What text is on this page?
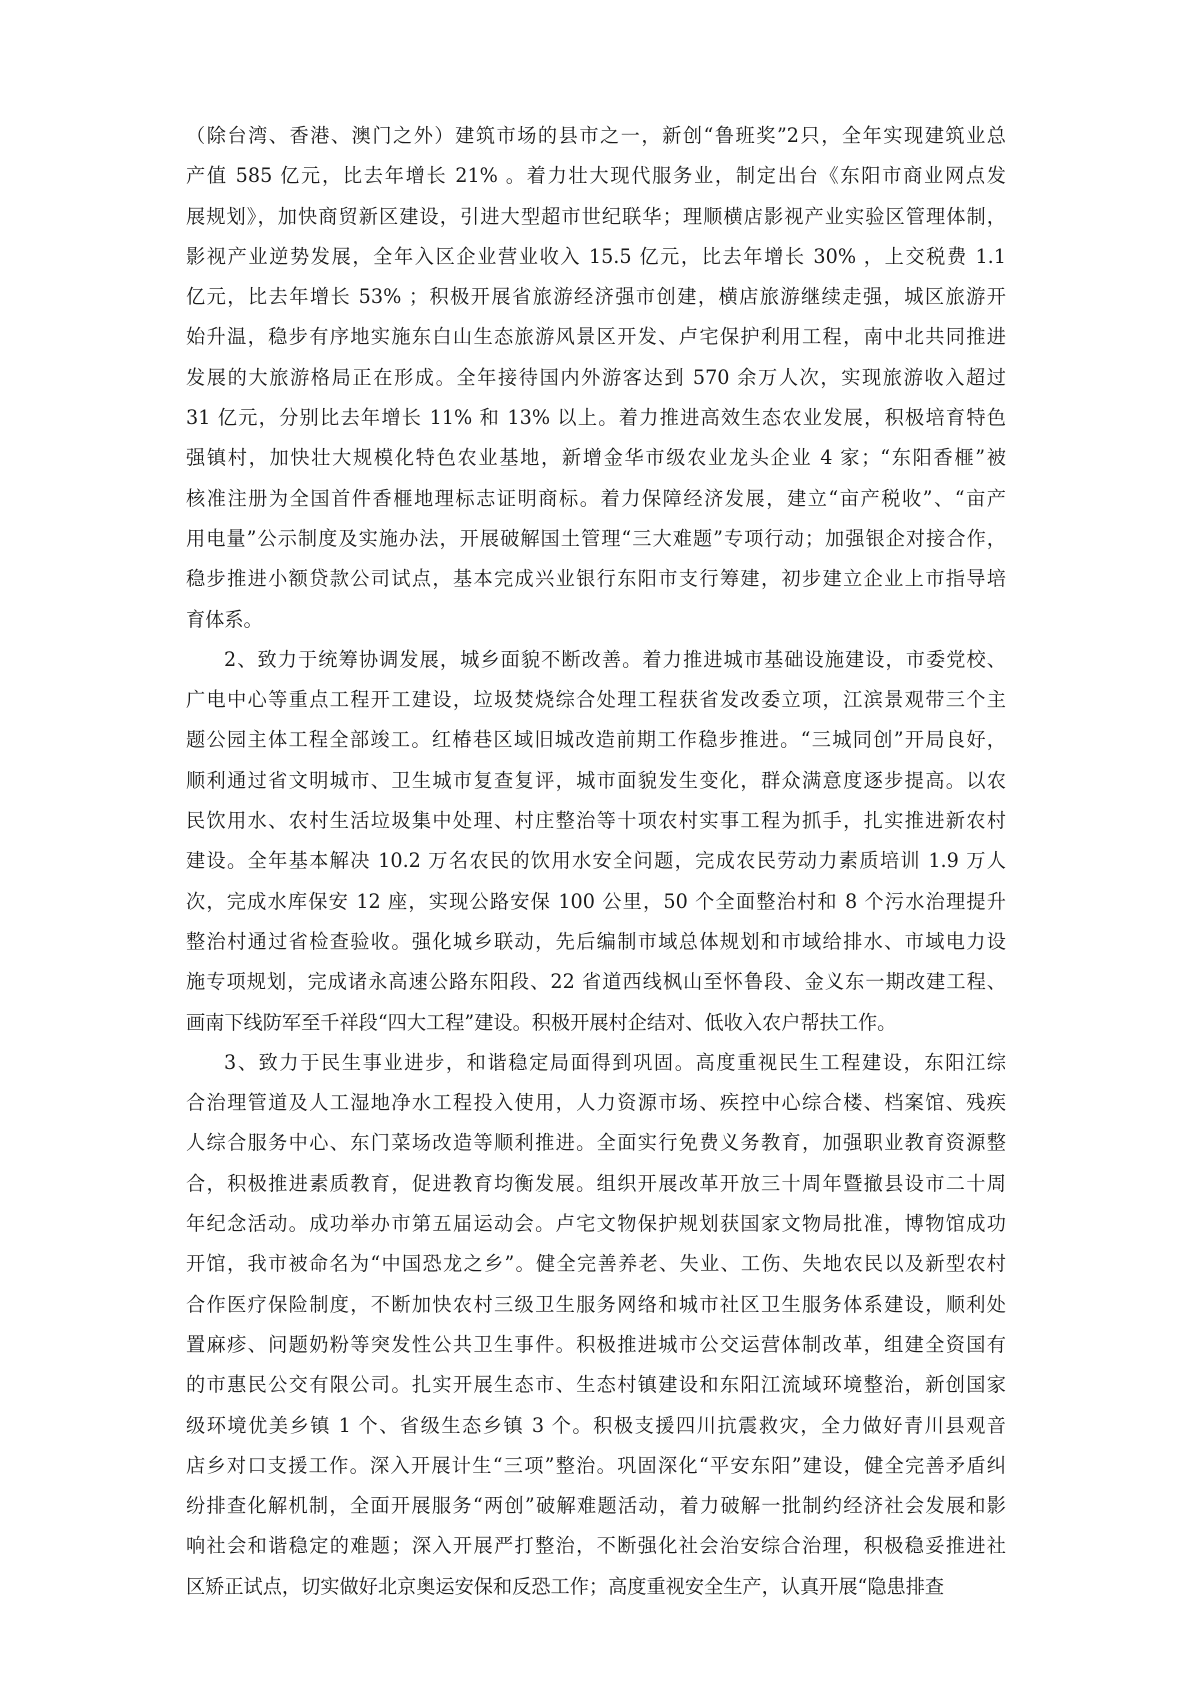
（除台湾、香港、澳门之外）建筑市场的县市之一，新创“鲁班奖”2只，全年实现建筑业总
产值 585 亿元，比去年增长 21% 。着力壮大现代服务业，制定出台《东阳市商业网点发
展规划》，加快商贸新区建设，引进大型超市世纪联华；理顺横店影视产业实验区管理体制，
影视产业逆势发展，全年入区企业营业收入 15.5 亿元，比去年增长 30% ，上交税费 1.1
亿元，比去年增长 53% ；积极开展省旅游经济强市创建，横店旅游继续走强，城区旅游开
始升温，稳步有序地实施东白山生态旅游风景区开发、卢宅保护利用工程，南中北共同推进
发展的大旅游格局正在形成。全年接待国内外游客达到 570 余万人次，实现旅游收入超过
31 亿元，分别比去年增长 11% 和 13% 以上。着力推进高效生态农业发展，积极培育特色
强镇村，加快壮大规模化特色农业基地，新增金华市级农业龙头企业 4 家；“东阳香榧”被
核准注册为全国首件香榧地理标志证明商标。着力保障经济发展，建立“亩产税收”、“亩产
用电量”公示制度及实施办法，开展破解国土管理“三大难题”专项行动；加强银企对接合作，
稳步推进小额贷款公司试点，基本完成兴业银行东阳市支行筹建，初步建立企业上市指导培
育体系。
2、致力于统筹协调发展，城乡面貌不断改善。着力推进城市基础设施建设，市委党校、
广电中心等重点工程开工建设，垃圾焚烧综合处理工程获省发改委立项，江滨景观带三个主
题公园主体工程全部竣工。红椿巷区域旧城改造前期工作稳步推进。“三城同创”开局良好，
顺利通过省文明城市、卫生城市复查复评，城市面貌发生变化，群众满意度逐步提高。以农
民饮用水、农村生活垃圾集中处理、村庄整治等十项农村实事工程为抓手，扎实推进新农村
建设。全年基本解决 10.2 万名农民的饮用水安全问题，完成农民劳动力素质培训 1.9 万人
次，完成水库保安 12 座，实现公路安保 100 公里，50 个全面整治村和 8 个污水治理提升
整治村通过省检查验收。强化城乡联动，先后编制市域总体规划和市域给排水、市域电力设
施专项规划，完成诸永高速公路东阳段、22 省道西线枫山至怀鲁段、金义东一期改建工程、
画南下线防军至千祥段“四大工程”建设。积极开展村企结对、低收入农户帮扶工作。
3、致力于民生事业进步，和谐稳定局面得到巩固。高度重视民生工程建设，东阳江综
合治理管道及人工湿地净水工程投入使用，人力资源市场、疾控中心综合楼、档案馆、残疾
人综合服务中心、东门菜场改造等顺利推进。全面实行免费义务教育，加强职业教育资源整
合，积极推进素质教育，促进教育均衡发展。组织开展改革开放三十周年暨撤县设市二十周
年纪念活动。成功举办市第五届运动会。卢宅文物保护规划获国家文物局批准，博物馆成功
开馆，我市被命名为“中国恐龙之乡”。健全完善养老、失业、工伤、失地农民以及新型农村
合作医疗保险制度，不断加快农村三级卫生服务网络和城市社区卫生服务体系建设，顺利处
置麻疹、问题奶粉等突发性公共卫生事件。积极推进城市公交运营体制改革，组建全资国有
的市惠民公交有限公司。扎实开展生态市、生态村镇建设和东阳江流域环境整治，新创国家
级环境优美乡镇 1 个、省级生态乡镇 3 个。积极支援四川抗震救灾，全力做好青川县观音
店乡对口支援工作。深入开展计生“三项”整治。巩固深化“平安东阳”建设，健全完善矛盾纠
纷排查化解机制，全面开展服务“两创”破解难题活动，着力破解一批制约经济社会发展和影
响社会和谐稳定的难题；深入开展严打整治，不断强化社会治安综合治理，积极稳妥推进社
区矫正试点，切实做好北京奥运安保和反恐工作；高度重视安全生产，认真开展“隐患排查
